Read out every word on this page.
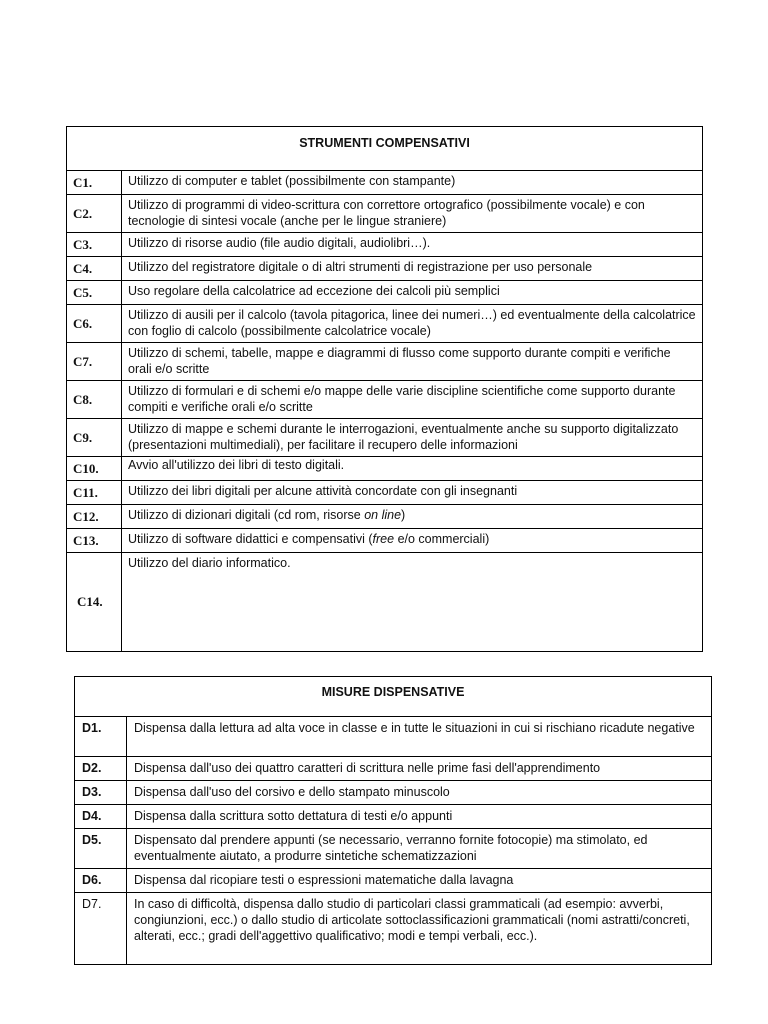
STRUMENTI COMPENSATIVI	
C1.	Utilizzo di computer e tablet (possibilmente con stampante)
C2.	Utilizzo di programmi di video-scrittura con correttore ortografico (possibilmente vocale) e con tecnologie di sintesi vocale (anche per le lingue straniere)
C3.	Utilizzo di risorse audio (file audio digitali, audiolibri…).
C4.	Utilizzo del registratore digitale o di altri strumenti di registrazione per uso personale
C5.	Uso regolare della calcolatrice ad eccezione dei calcoli più semplici
C6.	Utilizzo di ausili per il calcolo (tavola pitagorica, linee dei numeri…) ed eventualmente della calcolatrice con foglio di calcolo (possibilmente calcolatrice vocale)
C7.	Utilizzo di schemi, tabelle, mappe e diagrammi di flusso come supporto durante compiti e verifiche orali e/o scritte
C8.	Utilizzo di formulari e di schemi e/o mappe delle varie discipline scientifiche come supporto durante compiti e verifiche orali e/o scritte
C9.	Utilizzo di mappe e schemi durante le interrogazioni, eventualmente anche su supporto digitalizzato (presentazioni multimediali), per facilitare il recupero delle informazioni
C10.	Avvio all'utilizzo dei libri di testo digitali.
C11.	Utilizzo dei libri digitali per alcune attività concordate con gli insegnanti
C12.	Utilizzo di dizionari digitali (cd rom, risorse on line)
C13.	Utilizzo di software didattici e compensativi (free e/o commerciali)
C14.	Utilizzo del diario informatico.
MISURE DISPENSATIVE	
D1.	Dispensa dalla lettura ad alta voce in classe e in tutte le situazioni in cui si rischiano ricadute negative
D2.	Dispensa dall'uso dei quattro caratteri di scrittura nelle prime fasi dell'apprendimento
D3.	Dispensa dall'uso del corsivo e dello stampato minuscolo
D4.	Dispensa dalla scrittura sotto dettatura di testi e/o appunti
D5.	Dispensato dal prendere appunti (se necessario, verranno fornite fotocopie) ma stimolato, ed eventualmente aiutato, a produrre sintetiche schematizzazioni
D6.	Dispensa dal ricopiare testi o espressioni matematiche dalla lavagna
D7.	In caso di difficoltà, dispensa dallo studio di particolari classi grammaticali (ad esempio: avverbi, congiunzioni, ecc.) o dallo studio di articolate sottoclassificazioni grammaticali (nomi astratti/concreti, alterati, ecc.; gradi dell'aggettivo qualificativo; modi e tempi verbali, ecc.).
